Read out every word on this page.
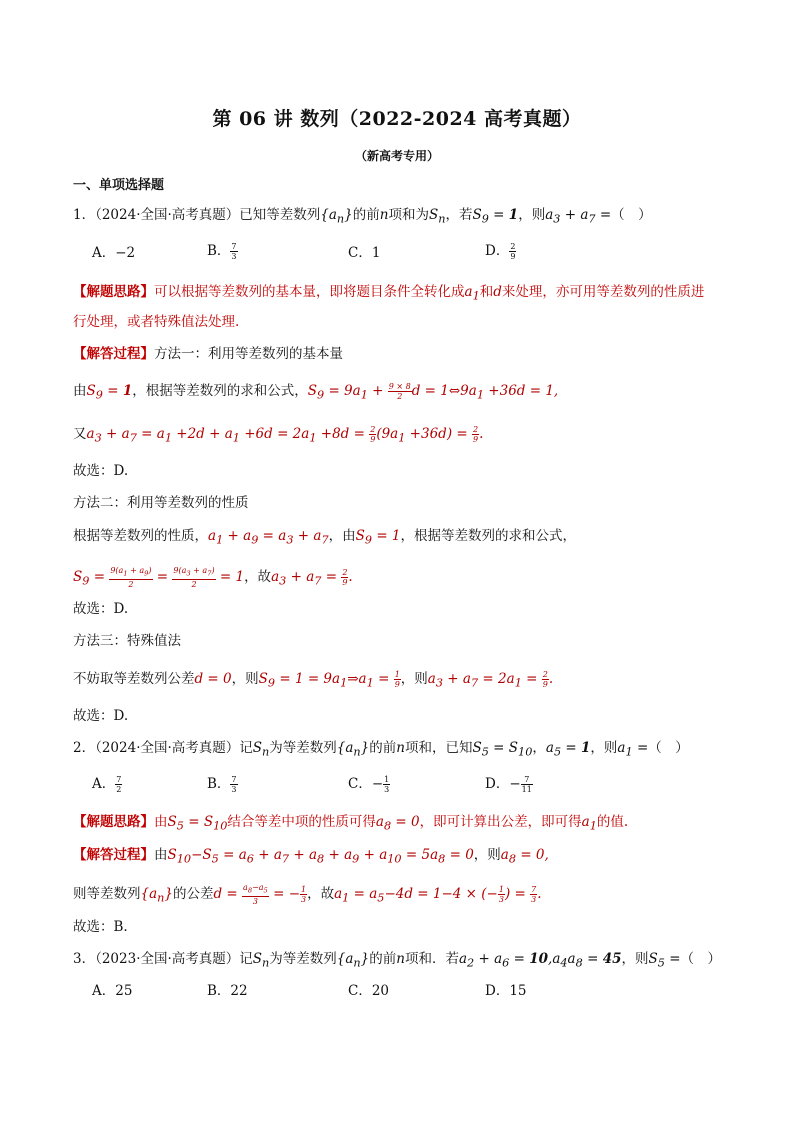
第 06 讲 数列（2022-2024 高考真题）
（新高考专用）
一、单项选择题
1．（2024·全国·高考真题）已知等差数列$\{a_n\}$的前n项和为$S_n$，若$S_9 = 1$，则$a_3 + a_7$ =（　）
A．−2	B． $\frac{7}{3}$	C．1	D． $\frac{2}{9}$
【解题思路】可以根据等差数列的基本量，即将题目条件全转化成$a_1$和d来处理，亦可用等差数列的性质进
行处理，或者特殊值法处理.
【解答过程】方法一：利用等差数列的基本量
由$S_9 = 1$，根据等差数列的求和公式，$S_9 = 9a_1 + \frac{9 \times 8}{2}$ $d = 1\Leftrightarrow 9a_1 +36d = 1$,
又$a_3 + a_7 = a_1 +2d + a_1 +6d = 2a_1 +8d = \frac{2}{9} (9a_1 +36d) = \frac{2}{9}$ .
故选：D.
方法二：利用等差数列的性质
根据等差数列的性质，$a_1 + a_9 = a_3 + a_7$，由$S_9 = 1$，根据等差数列的求和公式，
$S_9 = \frac{9(a_1 + a_9)}{2} = \frac{9(a_3 + a_7)}{2} = 1$，故$a_3 + a_7 = \frac{2}{9}$ .
故选：D.
方法三：特殊值法
不妨取等差数列公差d = 0，则$S_9 = 1$ = $9a_1\Rightarrow a_1 = \frac{1}{9}$ ，则$a_3 + a_7 = 2a_1 = \frac{2}{9}$ .
故选：D.
2．（2024·全国·高考真题）记$S_n$为等差数列$\{a_n\}$的前n项和，已知$S_5 = S_{10}$，$a_5 = 1$，则$a_1$ =（　）
A． $\frac{7}{2}$	B． $\frac{7}{3}$	C．− $\frac{1}{3}$	D．− $\frac{7}{11}$
【解题思路】由$S_5 = S_{10}$结合等差中项的性质可得$a_8 = 0$，即可计算出公差，即可得$a_1$的值.
【解答过程】由$S_{10}-S_5 = a_6 + a_7 + a_8 + a_9 + a_{10} = 5a_8 = 0$，则$a_8 = 0$,
则等差数列$\{a_n\}$的公差$d = \frac{a_8-a_5}{3}$ = − $\frac{1}{3}$ ，故$a_1 = a_5-4d = 1-4$ × (− $\frac{1}{3}$ ) = $\frac{7}{3}$ .
故选：B.
3．（2023·全国·高考真题）记$S_n$为等差数列$\{a_n\}$的前n项和．若$a_2 + a_6 = 10,a_4a_8 = 45$，则$S_5$ =（　）
A．25	B．22	C．20	D．15
